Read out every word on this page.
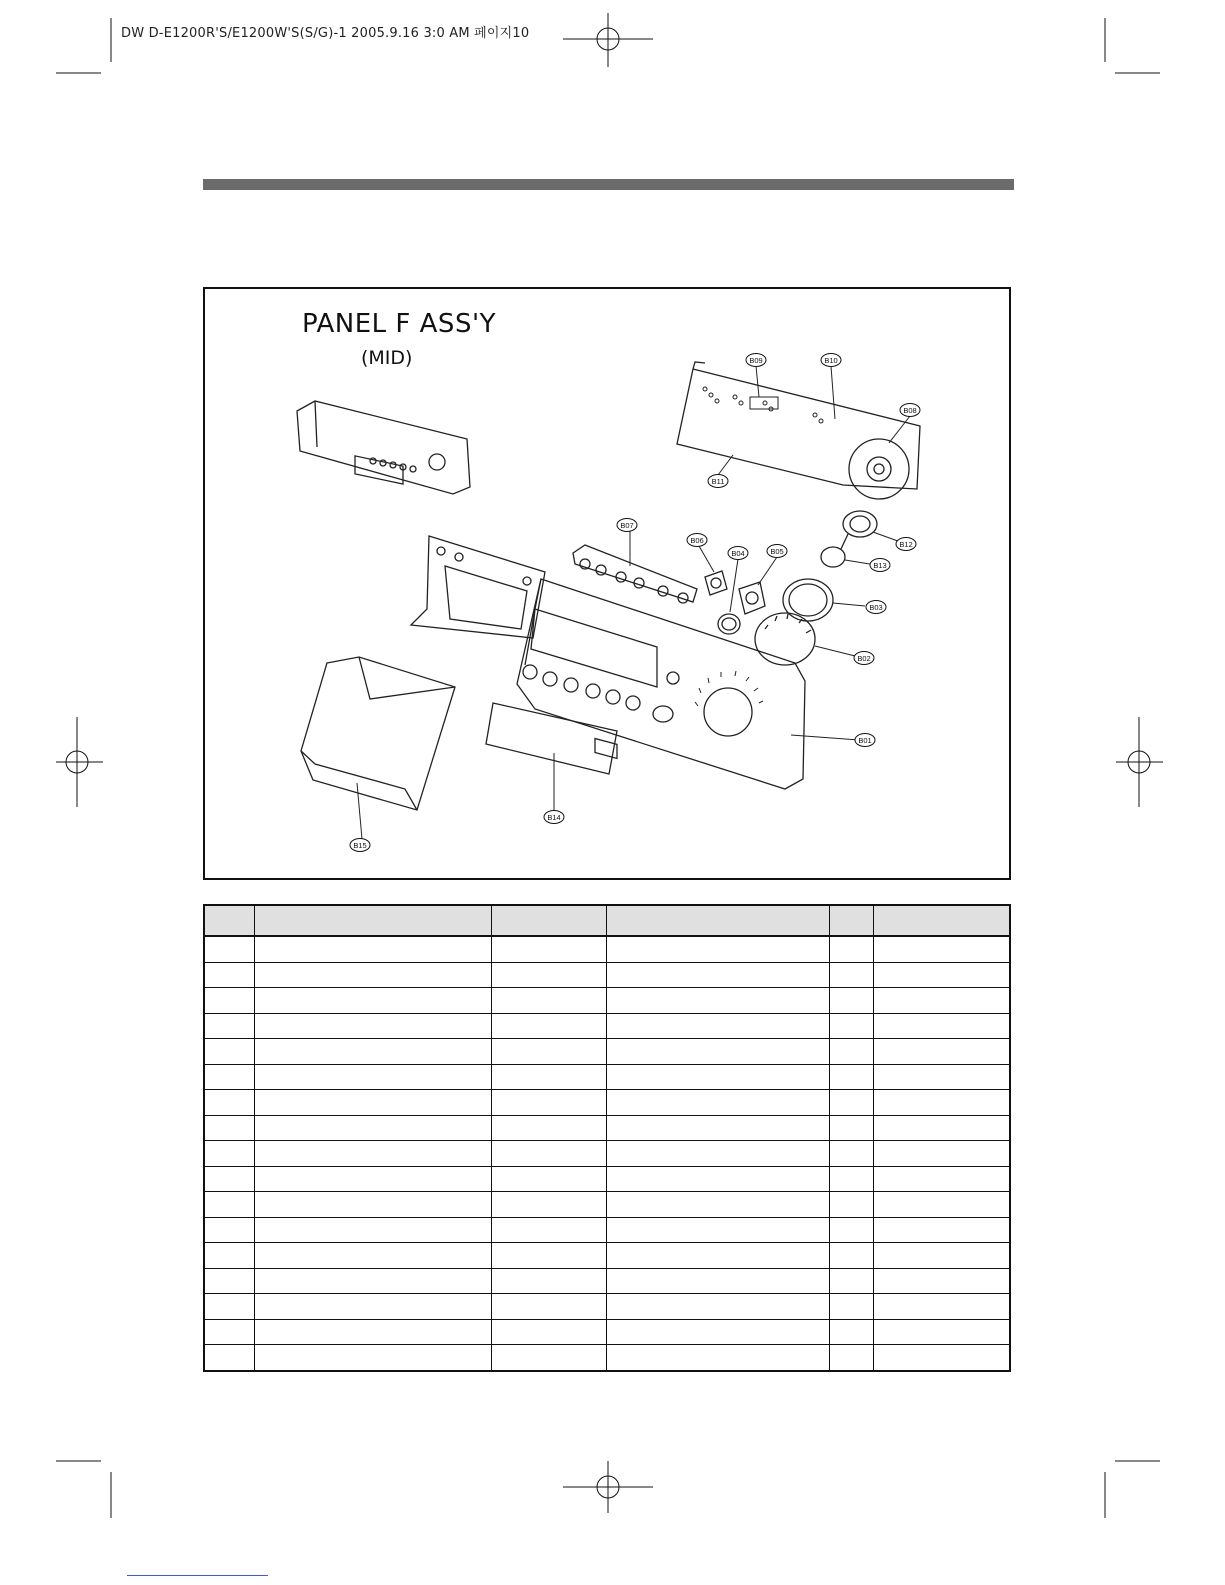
DW D-E1200R'S/E1200W'S(S/G)-1 2005.9.16 3:0 AM 페이지10
PANEL F ASS'Y
(MID)	B09	B10
B08
B11
B07
B06
B04	B05
B12
B13
B03
B02
B01
B14
B15
